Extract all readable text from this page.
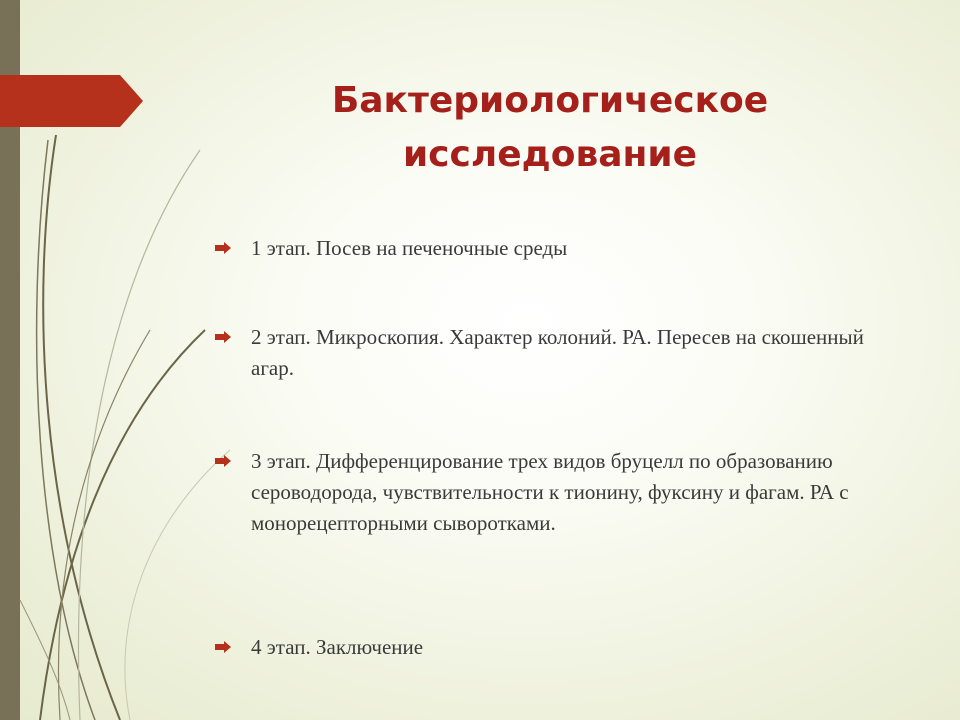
Бактериологическое
исследование
1 этап. Посев на печеночные среды
2 этап. Микроскопия. Характер колоний. РА. Пересев на скошенный агар.
3 этап. Дифференцирование трех видов бруцелл по образованию сероводорода, чувствительности к тионину, фуксину и фагам. РА с монорецепторными сыворотками.
4 этап. Заключение
